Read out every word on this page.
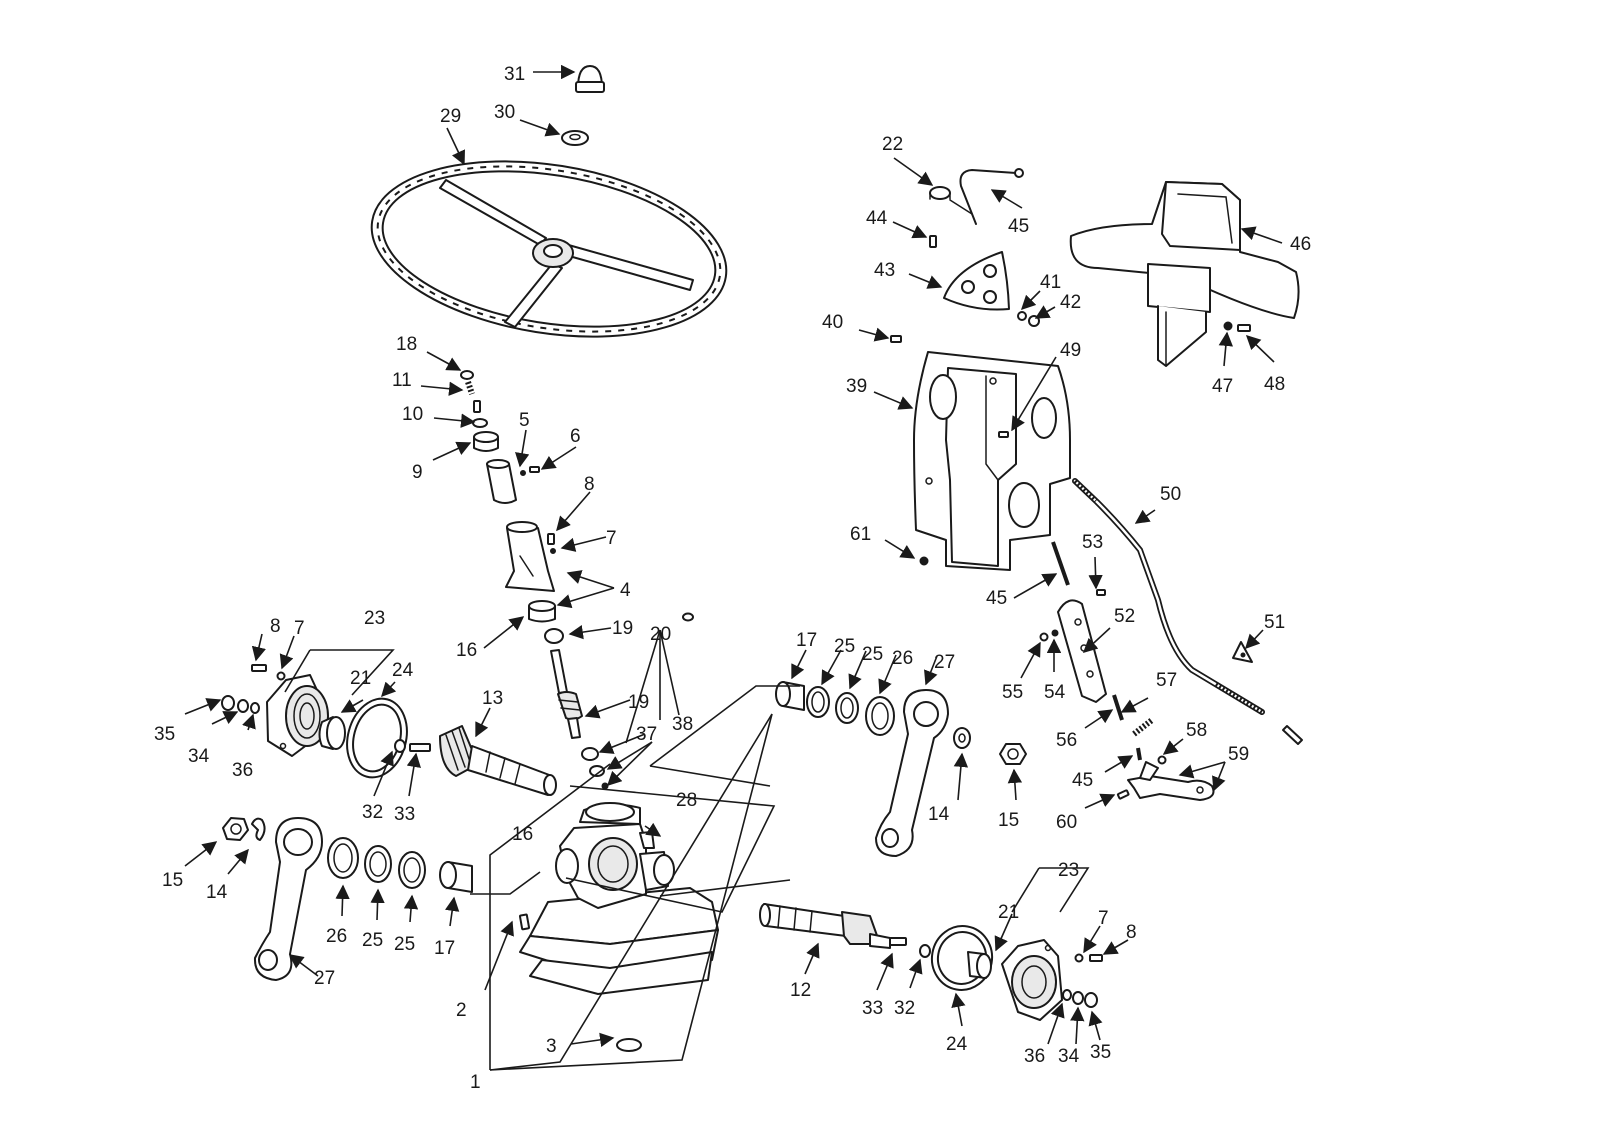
31
30
29
22
45
44
46
43
41
42
40
49
47 48
39
18
11
10	5
6
9
8
7
4
50
61
45
53
52	51
20
16
19
17 25 25 26 27
55 54
57
56	58
59
45
60
8 7	23
21 24
13	19
37 38
35
34
36
32 33
16
28
14
15
15
14
26 25 25 17
27
2
3
1
12
33 32
24
21
23
7
8
36 34 35
